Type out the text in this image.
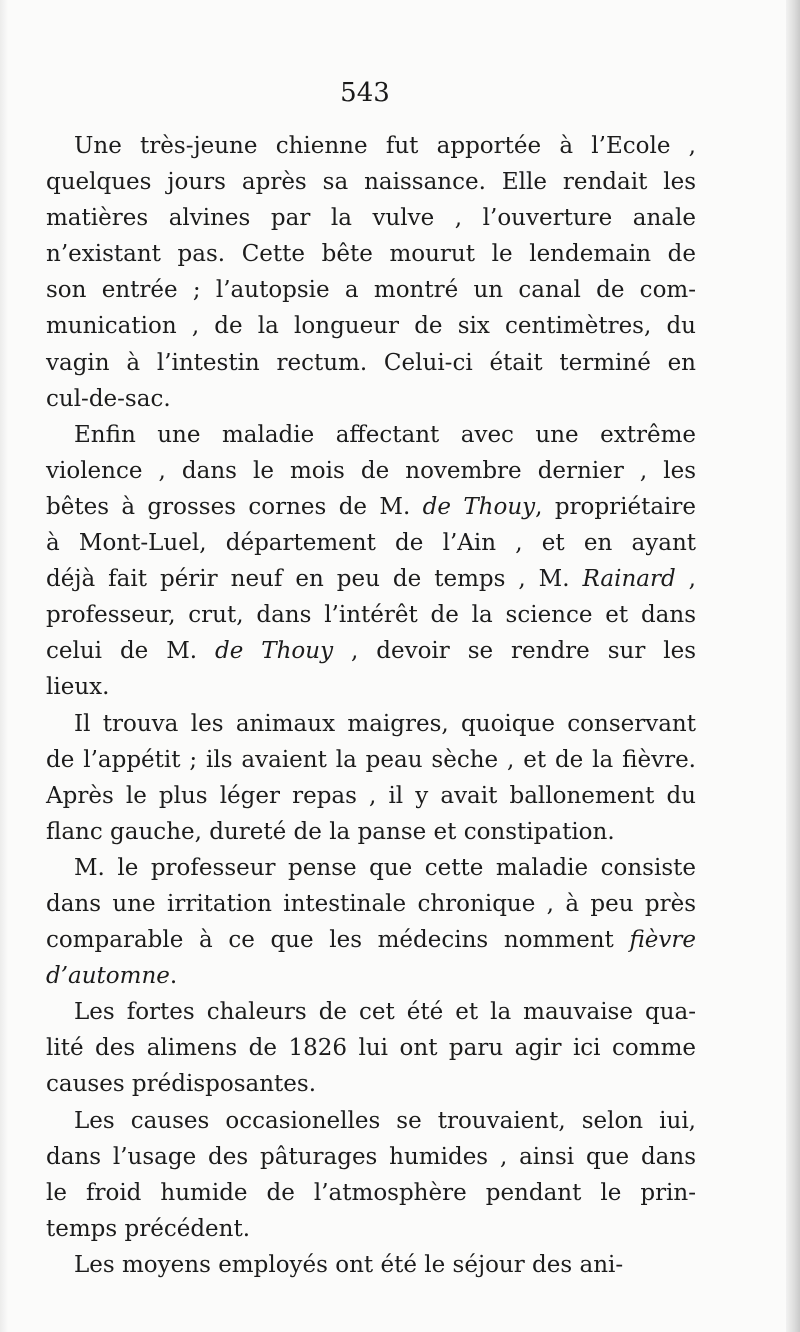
543

Une très-jeune chienne fut apportée à l’Ecole ,
quelques jours après sa naissance. Elle rendait les
matières alvines par la vulve , l’ouverture anale
n’existant pas. Cette bête mourut le lendemain de
son entrée ; l’autopsie a montré un canal de com-
munication , de la longueur de six centimètres, du
vagin à l’intestin rectum. Celui-ci était terminé en
cul-de-sac.

Enfin une maladie affectant avec une extrême
violence , dans le mois de novembre dernier , les
bêtes à grosses cornes de M. de Thouy, propriétaire
à Mont-Luel, département de l’Ain , et en ayant
déjà fait périr neuf en peu de temps , M. Rainard ,
professeur, crut, dans l’intérêt de la science et dans
celui de M. de Thouy , devoir se rendre sur les
lieux.

Il trouva les animaux maigres, quoique conservant
de l’appétit ; ils avaient la peau sèche , et de la fièvre.
Après le plus léger repas , il y avait ballonement du
flanc gauche, dureté de la panse et constipation.

M. le professeur pense que cette maladie consiste
dans une irritation intestinale chronique , à peu près
comparable à ce que les médecins nomment fièvre
d’automne.

Les fortes chaleurs de cet été et la mauvaise qua-
lité des alimens de 1826 lui ont paru agir ici comme
causes prédisposantes.

Les causes occasionelles se trouvaient, selon iui,
dans l’usage des pâturages humides , ainsi que dans
le froid humide de l’atmosphère pendant le prin-
temps précédent.

Les moyens employés ont été le séjour des ani-
